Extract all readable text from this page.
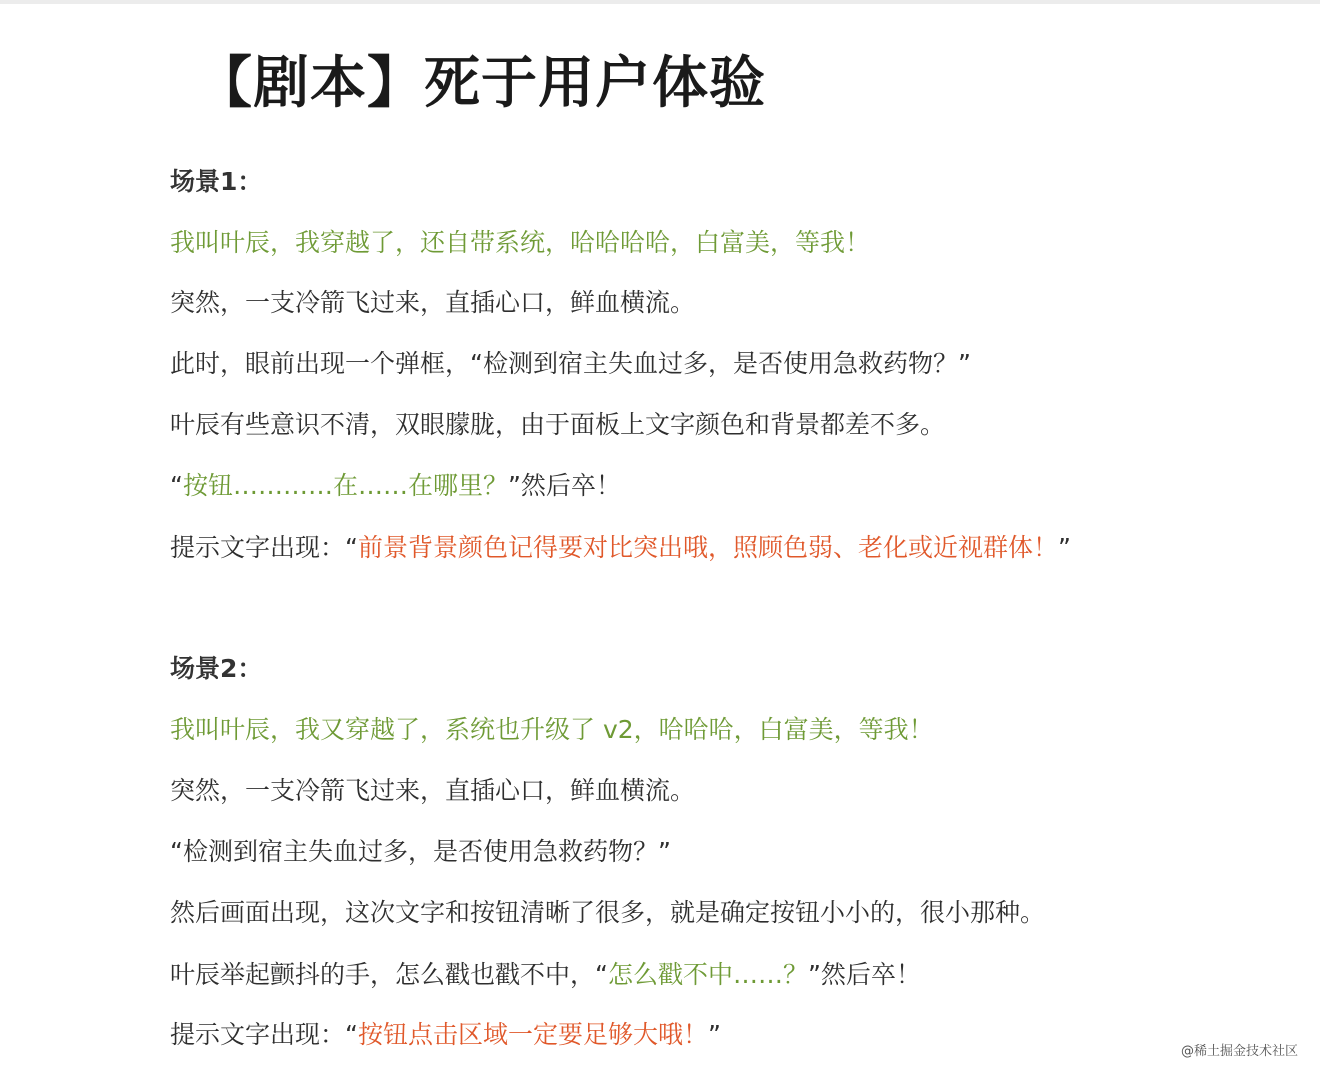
【剧本】死于用户体验
场景1：
我叫叶辰，我穿越了，还自带系统，哈哈哈哈，白富美，等我！
突然，一支冷箭飞过来，直插心口，鲜血横流。
此时，眼前出现一个弹框，“检测到宿主失血过多，是否使用急救药物？”
叶辰有些意识不清，双眼朦胧，由于面板上文字颜色和背景都差不多。
“按钮…………在……在哪里？”然后卒！
提示文字出现：“前景背景颜色记得要对比突出哦，照顾色弱、老化或近视群体！”
场景2：
我叫叶辰，我又穿越了，系统也升级了 v2，哈哈哈，白富美，等我！
突然，一支冷箭飞过来，直插心口，鲜血横流。
“检测到宿主失血过多，是否使用急救药物？”
然后画面出现，这次文字和按钮清晰了很多，就是确定按钮小小的，很小那种。
叶辰举起颤抖的手，怎么戳也戳不中，“怎么戳不中……？”然后卒！
提示文字出现：“按钮点击区域一定要足够大哦！”
@稀土掘金技术社区
